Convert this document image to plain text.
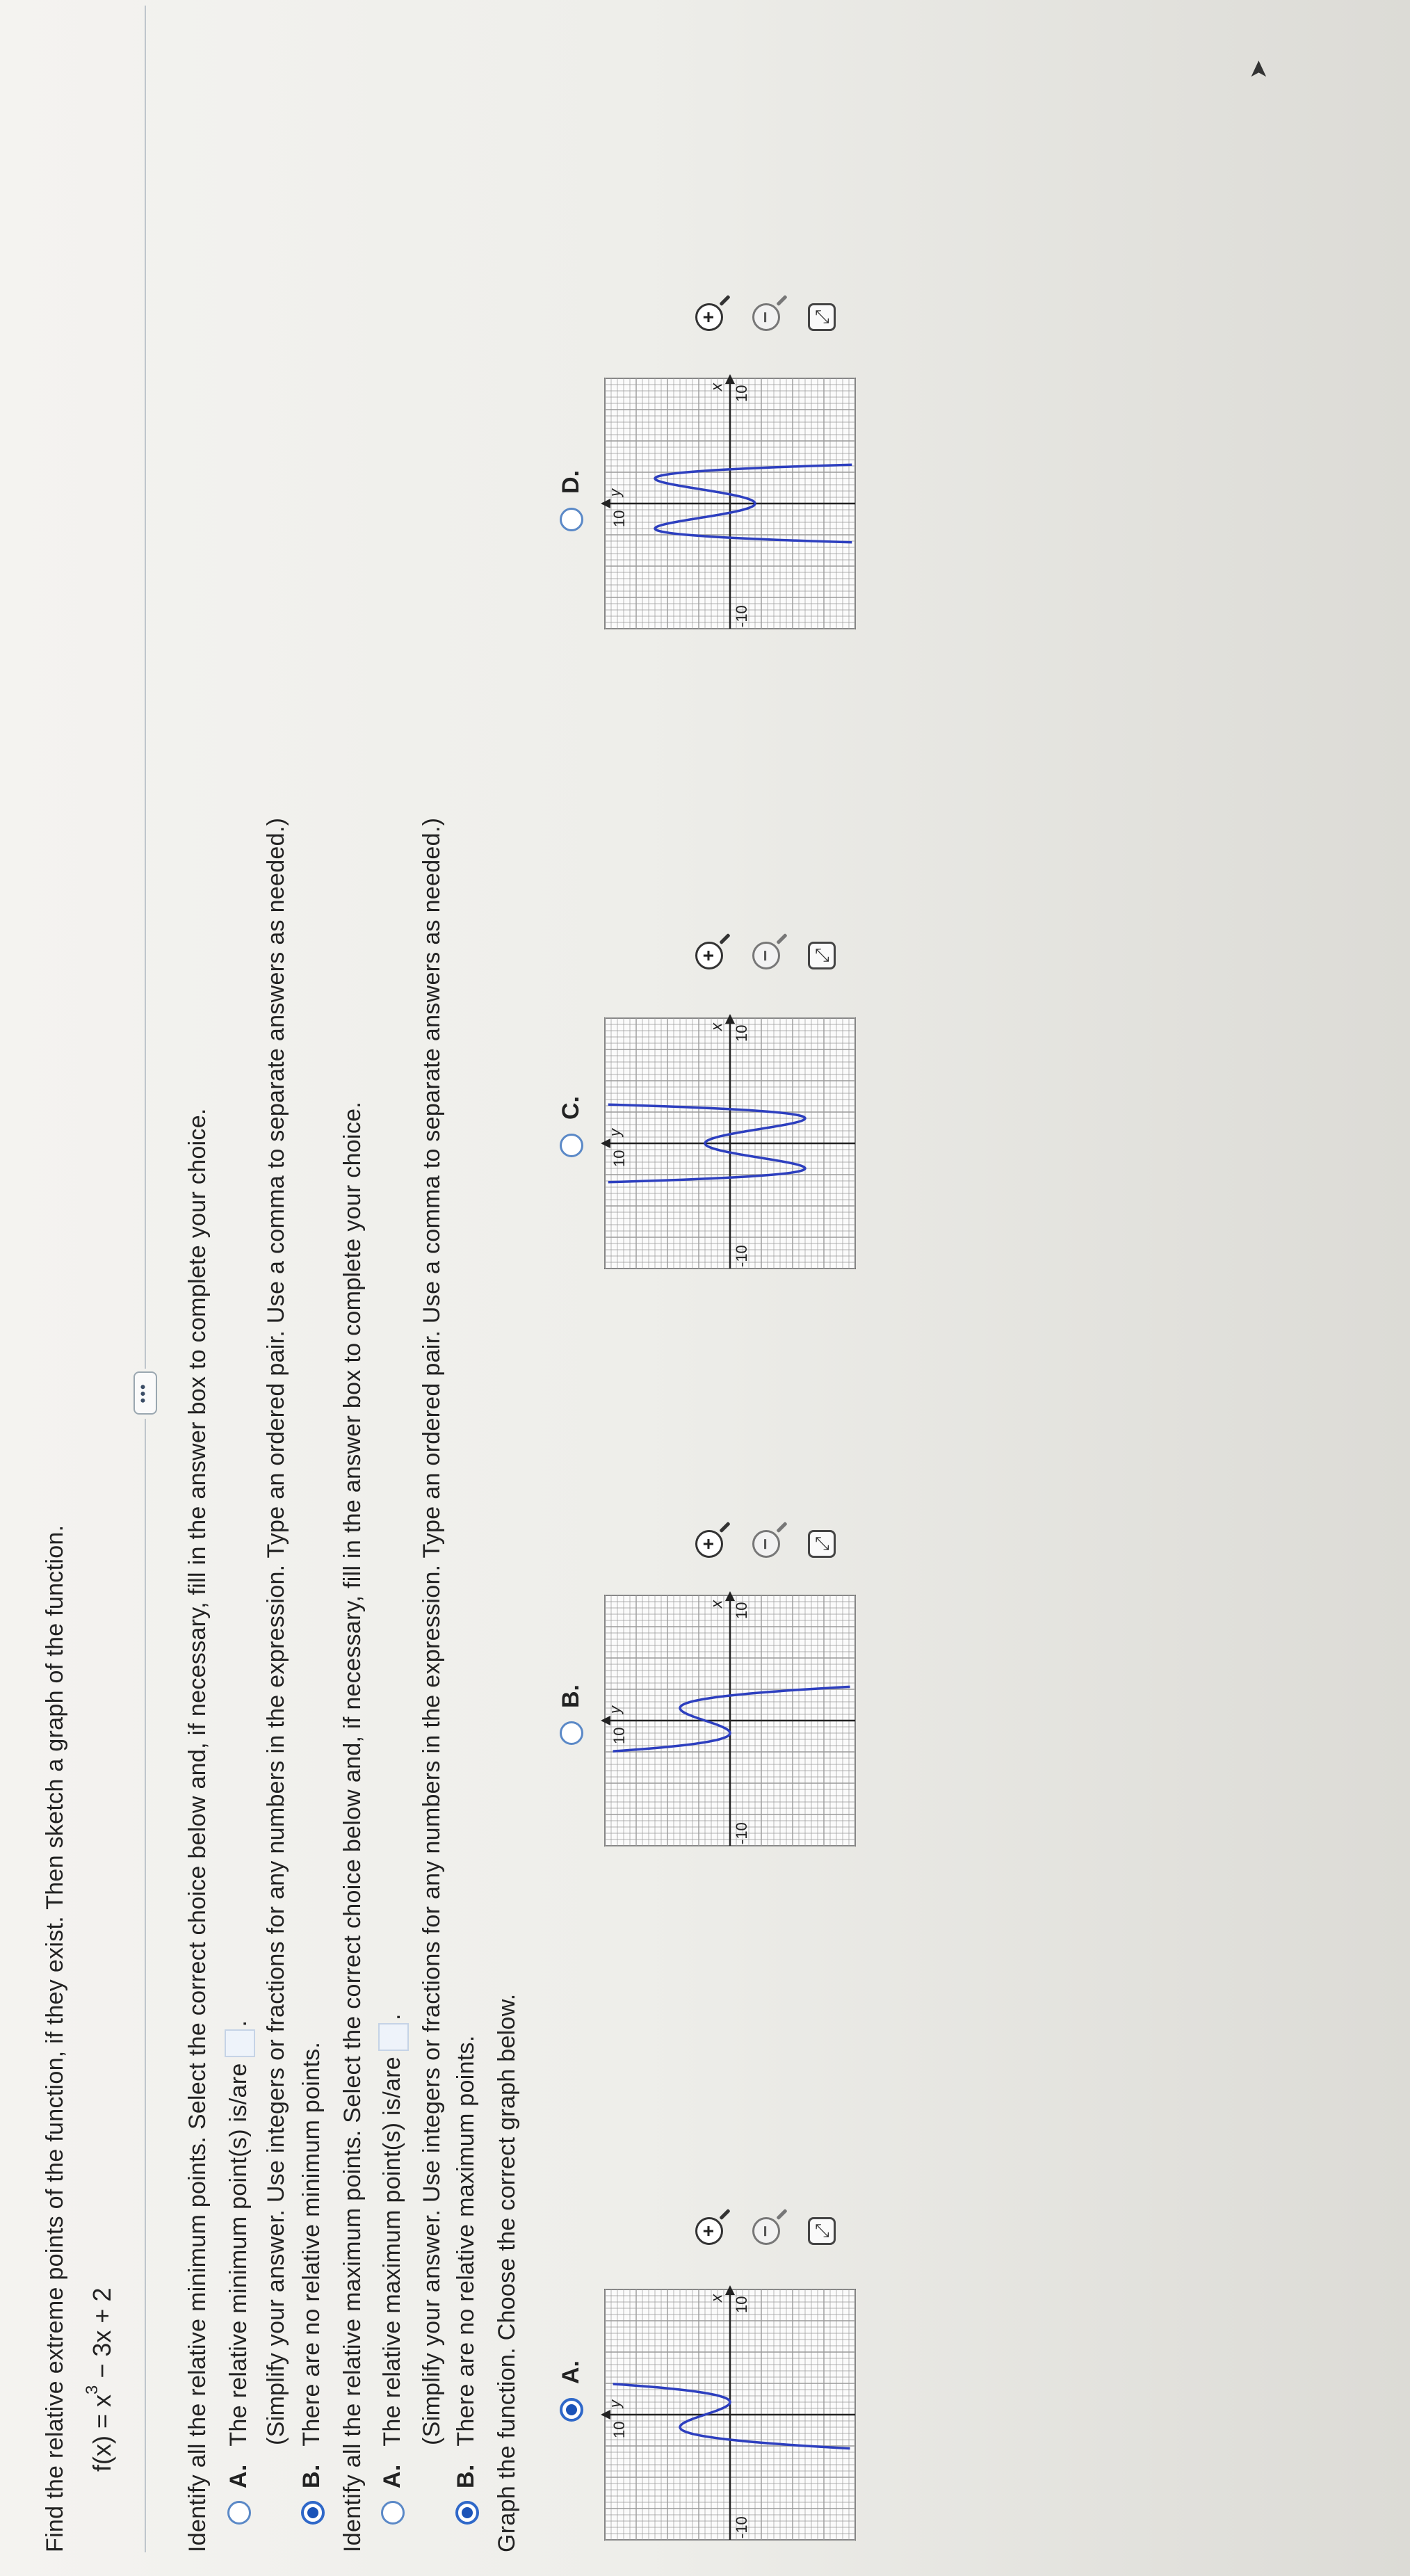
Find the relative extreme points of the function, if they exist. Then sketch a graph of the function. $f(x) = x^3 - 3x + 2$
••• Identify all the relative minimum points. Select the correct choice below and, if necessary, fill in the answer box to complete your choice. A. The relative minimum point(s) is/are. (Simplify your answer. Use integers or fractions for any numbers in the expression. Type an ordered pair. Use a comma to separate answers as needed.)
B. There are no relative minimum points. Identify all the relative maximum points. Select the correct choice below and, if necessary, fill in the answer box to complete your choice. A. The relative maximum point(s) is/are. (Simplify your answer. Use integers or fractions for any numbers in the expression. Type an ordered pair. Use a comma to separate answers as needed.)
B. There are no relative maximum points. Graph the function. Choose the correct graph below. A.
10
-10
10
x
y
+ − ⤢
B.
10
-10
10
x
y
+ − ⤢
C.
10
-10
10
x
y
+ − ⤢
D.
10
-10
10
x
y
+ − ⤢
➤
